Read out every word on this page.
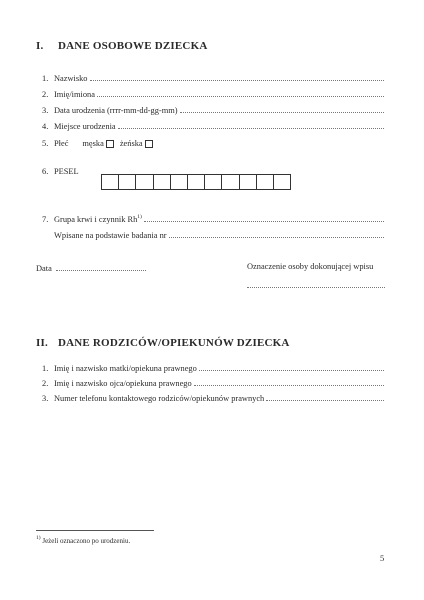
I. DANE OSOBOWE DZIECKA
1. Nazwisko
2. Imię/imiona
3. Data urodzenia (rrrr-mm-dd-gg-mm)
4. Miejsce urodzenia
5. Płeć męska żeńska
6. PESEL
7. Grupa krwi i czynnik Rh$^{1)}$
Wpisane na podstawie badania nr
Data	Oznaczenie osoby dokonującej wpisu
II. DANE RODZICÓW/OPIEKUNÓW DZIECKA
1. Imię i nazwisko matki/opiekuna prawnego
2. Imię i nazwisko ojca/opiekuna prawnego
3. Numer telefonu kontaktowego rodziców/opiekunów prawnych
$^{1)}$ Jeżeli oznaczono po urodzeniu.
5
